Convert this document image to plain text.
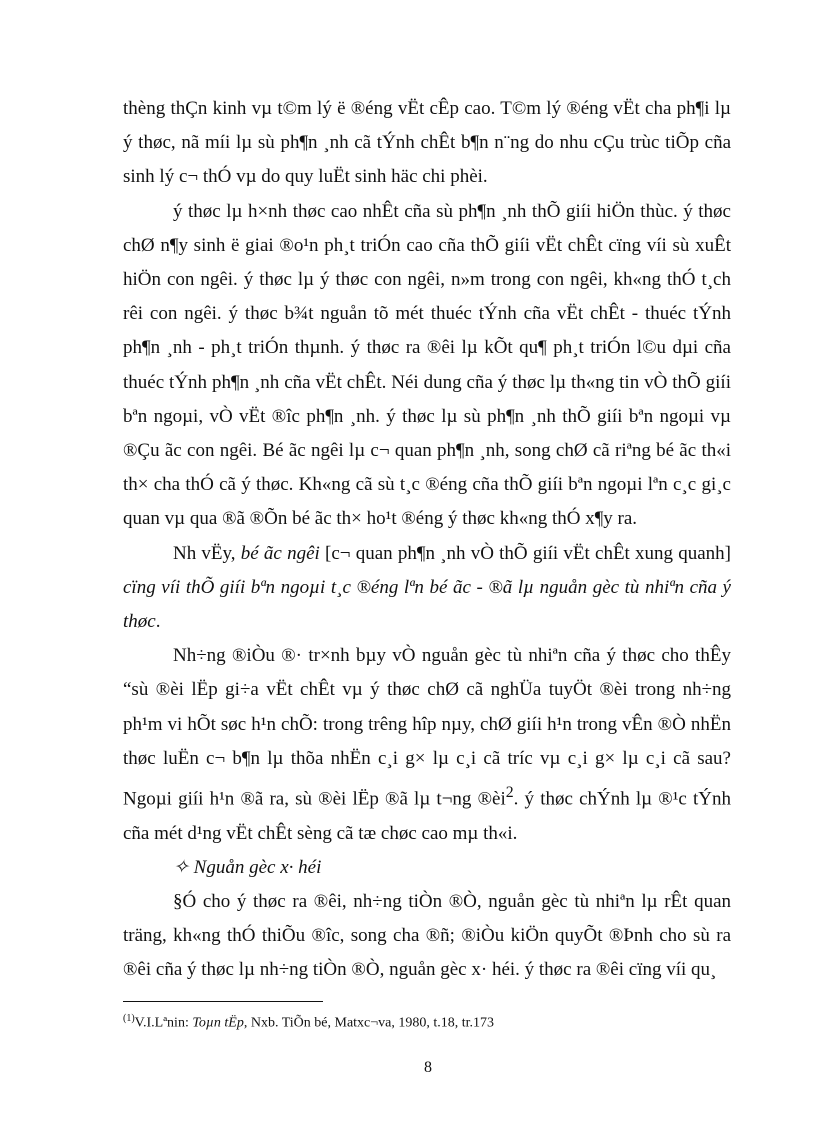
thèng thÇn kinh vµ t©m lý ë ®éng vËt cÊp cao. T©m lý ®éng vËt cha ph¶i lµ ý thøc, nã míi lµ sù ph¶n ¸nh cã tÝnh chÊt b¶n n¨ng do nhu cÇu trùc tiÕp cña sinh lý c¬ thÓ vµ do quy luËt sinh häc chi phèi.

ý thøc lµ h×nh thøc cao nhÊt cña sù ph¶n ¸nh thÕ giíi hiÖn thùc. ý thøc chØ n¶y sinh ë giai ®o¹n ph¸t triÓn cao cña thÕ giíi vËt chÊt cïng víi sù xuÊt hiÖn con ngêi. ý thøc lµ ý thøc con ngêi, n»m trong con ngêi, kh«ng thÓ t¸ch rêi con ngêi. ý thøc b¾t nguån tõ mét thuéc tÝnh cña vËt chÊt - thuéc tÝnh ph¶n ¸nh - ph¸t triÓn thµnh. ý thøc ra ®êi lµ kÕt qu¶ ph¸t triÓn l©u dµi cña thuéc tÝnh ph¶n ¸nh cña vËt chÊt. Néi dung cña ý thøc lµ th«ng tin vÒ thÕ giíi bªn ngoµi, vÒ vËt ®îc ph¶n ¸nh. ý thøc lµ sù ph¶n ¸nh thÕ giíi bªn ngoµi vµ ®Çu ãc con ngêi. Bé ãc ngêi lµ c¬ quan ph¶n ¸nh, song chØ cã riªng bé ãc th«i th× cha thÓ cã ý thøc. Kh«ng cã sù t¸c ®éng cña thÕ giíi bªn ngoµi lªn c¸c gi¸c quan vµ qua ®ã ®Õn bé ãc th× ho¹t ®éng ý thøc kh«ng thÓ x¶y ra.

Nh vËy, bé ãc ngêi [c¬ quan ph¶n ¸nh vÒ thÕ giíi vËt chÊt xung quanh] cïng víi thÕ giíi bªn ngoµi t¸c ®éng lªn bé ãc - ®ã lµ nguån gèc tù nhiªn cña ý thøc.

Nh÷ng ®iÒu ®· tr×nh bµy vÒ nguån gèc tù nhiªn cña ý thøc cho thÊy “sù ®èi lËp gi÷a vËt chÊt vµ ý thøc chØ cã nghÜa tuyÖt ®èi trong nh÷ng ph¹m vi hÕt søc h¹n chÕ: trong trêng hîp nµy, chØ giíi h¹n trong vÊn ®Ò nhËn thøc luËn c¬ b¶n lµ thõa nhËn c¸i g× lµ c¸i cã tríc vµ c¸i g× lµ c¸i cã sau? Ngoµi giíi h¹n ®ã ra, sù ®èi lËp ®ã lµ t¬ng $®èi^2$. ý thøc chÝnh lµ ®¹c tÝnh cña mét d¹ng vËt chÊt sèng cã tæ chøc cao mµ th«i.

✧ Nguån gèc x· héi

§Ó cho ý thøc ra ®êi, nh÷ng tiÒn ®Ò, nguån gèc tù nhiªn lµ rÊt quan träng, kh«ng thÓ thiÕu ®îc, song cha ®ñ; ®iÒu kiÖn quyÕt ®Þnh cho sù ra ®êi cña ý thøc lµ nh÷ng tiÒn ®Ò, nguån gèc x· héi. ý thøc ra ®êi cïng víi qu¸

$^{(1)}$V.I.Lªnin: Toµn tËp, Nxb. TiÕn bé, Matxc¬va, 1980, t.18, tr.173
8
